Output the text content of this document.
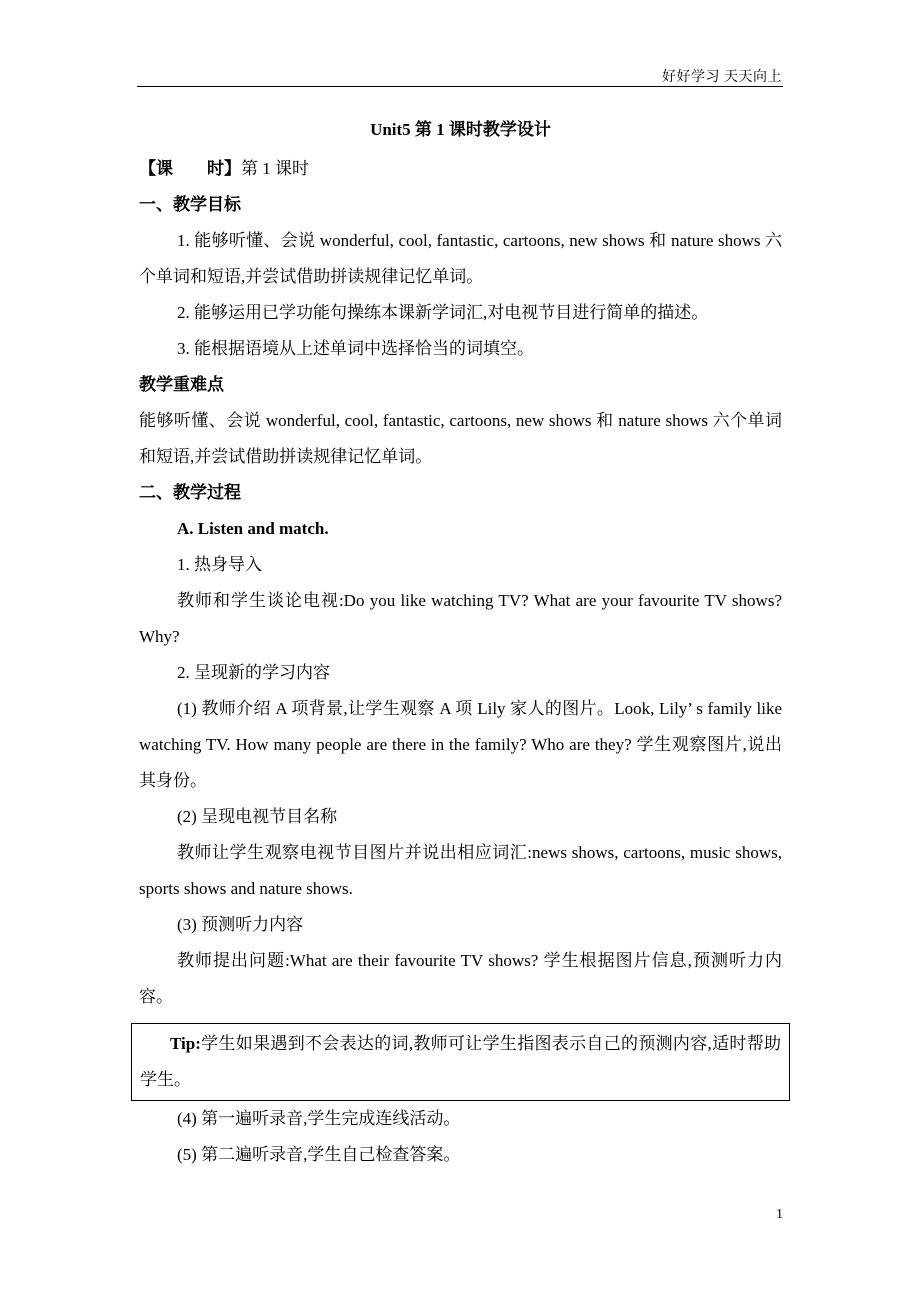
好好学习 天天向上

Unit5 第 1 课时教学设计

【课　　时】第 1 课时

一、教学目标

1. 能够听懂、会说 wonderful, cool, fantastic, cartoons, new shows 和 nature shows 六个单词和短语,并尝试借助拼读规律记忆单词。

2. 能够运用已学功能句操练本课新学词汇,对电视节目进行简单的描述。

3. 能根据语境从上述单词中选择恰当的词填空。

教学重难点

能够听懂、会说 wonderful, cool, fantastic, cartoons, new shows 和 nature shows 六个单词和短语,并尝试借助拼读规律记忆单词。

二、教学过程

A. Listen and match.

1. 热身导入

教师和学生谈论电视:Do you like watching TV? What are your favourite TV shows? Why?

2. 呈现新的学习内容

(1) 教师介绍 A 项背景,让学生观察 A 项 Lily 家人的图片。Look, Lily’ s family like watching TV. How many people are there in the family? Who are they? 学生观察图片,说出其身份。

(2) 呈现电视节目名称

教师让学生观察电视节目图片并说出相应词汇:news shows, cartoons, music shows, sports shows and nature shows.

(3) 预测听力内容

教师提出问题:What are their favourite TV shows? 学生根据图片信息,预测听力内容。

Tip:学生如果遇到不会表达的词,教师可让学生指图表示自己的预测内容,适时帮助学生。

(4) 第一遍听录音,学生完成连线活动。

(5) 第二遍听录音,学生自己检查答案。

1
